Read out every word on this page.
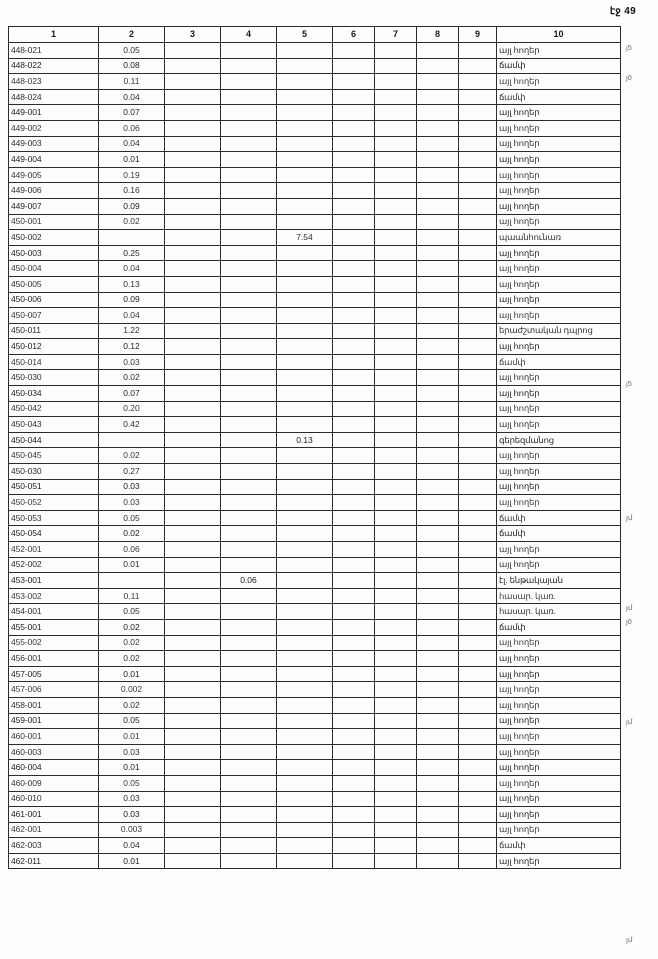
էջ 49
1	2	3	4	5	6	7	8	9	10
448-021	0.05								այլ հողեր
448-022	0.08								ճամփ
448-023	0.11								այլ հողեր
448-024	0.04								ճամփ
449-001	0.07								այլ հողեր
449-002	0.06								այլ հողեր
449-003	0.04								այլ հողեր
449-004	0.01								այլ հողեր
449-005	0.19								այլ հողեր
449-006	0.16								այլ հողեր
449-007	0.09								այլ հողեր
450-001	0.02								այլ հողեր
450-002				7.54					պաանհունառ
450-003	0.25								այլ հողեր
450-004	0.04								այլ հողեր
450-005	0.13								այլ հողեր
450-006	0.09								այլ հողեր
450-007	0.04								այլ հողեր
450-011	1.22								երաժշտական դպրոց
450-012	0.12								այլ հողեր
450-014	0.03								ճամփ
450-030	0.02								այլ հողեր
450-034	0.07								այլ հողեր
450-042	0.20								այլ հողեր
450-043	0.42								այլ հողեր
450-044				0.13					գերեզմանոց
450-045	0.02								այլ հողեր
450-030	0.27								այլ հողեր
450-051	0.03								այլ հողեր
450-052	0.03								այլ հողեր
450-053	0.05								ճամփ
450-054	0.02								ճամփ
452-001	0.06								այլ հողեր
452-002	0.01								այլ հողեր
453-001			0.06						էլ. ենթակայան
453-002	0.11								հասար. կառ.
454-001	0.05								հասար. կառ.
455-001	0.02								ճամփ
455-002	0.02								այլ հողեր
456-001	0.02								այլ հողեր
457-005	0.01								այլ հողեր
457-006	0.002								այլ հողեր
458-001	0.02								այլ հողեր
459-001	0.05								այլ հողեր
460-001	0.01								այլ հողեր
460-003	0.03								այլ հողեր
460-004	0.01								այլ հողեր
460-009	0.05								այլ հողեր
460-010	0.03								այլ հողեր
461-001	0.03								այլ հողեր
462-001	0.003								այլ հողեր
462-003	0.04								ճամփ
462-011	0.01								այլ հողեր
յ5
յ0
յ5
յմ
յմ
յ0
յմ
յմ
